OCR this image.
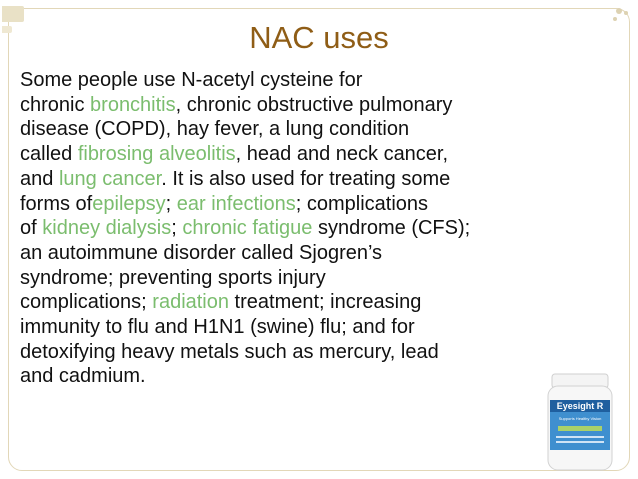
NAC uses
Some people use N-acetyl cysteine for
chronic bronchitis, chronic obstructive pulmonary
disease (COPD), hay fever, a lung condition
called fibrosing alveolitis, head and neck cancer,
and lung cancer. It is also used for treating some
forms ofepilepsy; ear infections; complications
of kidney dialysis; chronic fatigue syndrome (CFS);
an autoimmune disorder called Sjogren’s
syndrome; preventing sports injury
complications; radiation treatment; increasing
immunity to flu and H1N1 (swine) flu; and for
detoxifying heavy metals such as mercury, lead
and cadmium.
Eyesight R
Supports Healthy Vision
